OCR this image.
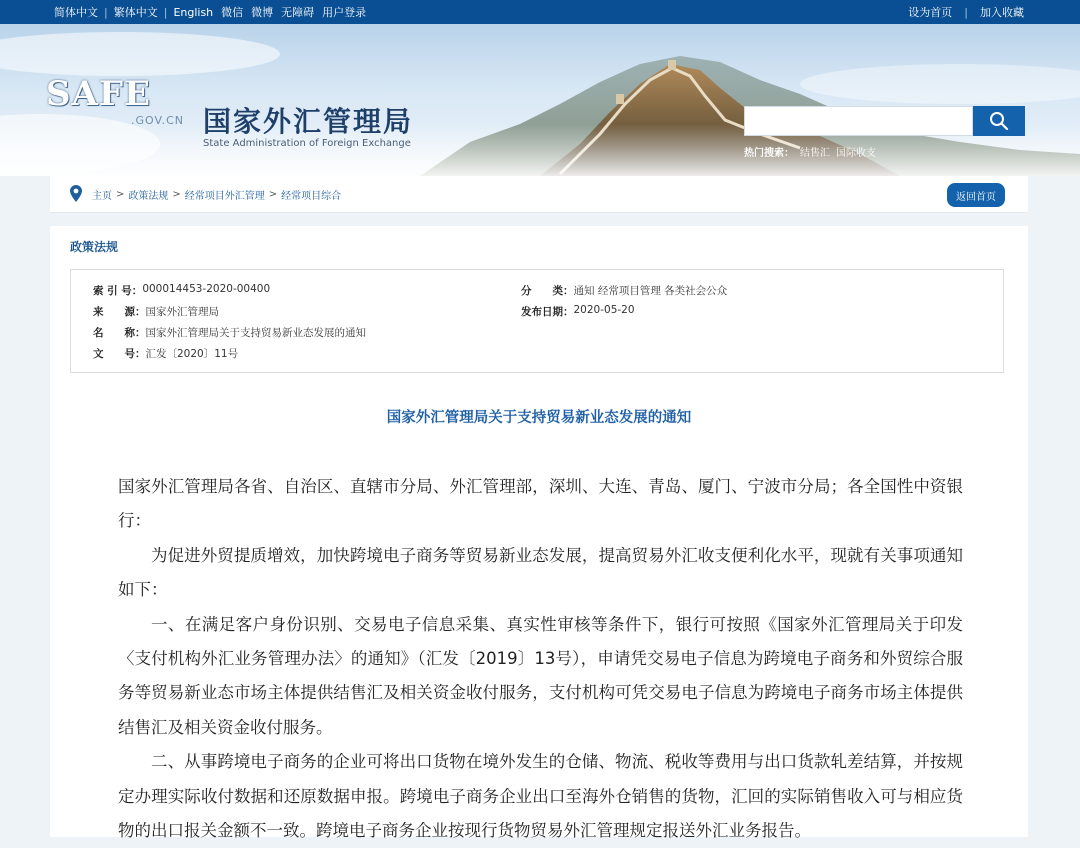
简体中文 | 繁体中文 | English 微信 微博 无障碍 用户登录	设为首页 | 加入收藏
SAFE
.GOV.CN 国家外汇管理局
State Administration of Foreign Exchange
热门搜索： 结售汇 国际收支
主页 > 政策法规 > 经常项目外汇管理 > 经常项目综合	返回首页
政策法规
索 引 号： 000014453-2020-00400	分　　类： 通知 经常项目管理 各类社会公众
来　　源： 国家外汇管理局	发布日期： 2020-05-20
名　　称： 国家外汇管理局关于支持贸易新业态发展的通知
文　　号： 汇发〔2020〕11号
国家外汇管理局关于支持贸易新业态发展的通知

国家外汇管理局各省、自治区、直辖市分局、外汇管理部，深圳、大连、青岛、厦门、宁波市分局；各全国性中资银行：

为促进外贸提质增效，加快跨境电子商务等贸易新业态发展，提高贸易外汇收支便利化水平，现就有关事项通知如下：

一、在满足客户身份识别、交易电子信息采集、真实性审核等条件下，银行可按照《国家外汇管理局关于印发〈支付机构外汇业务管理办法〉的通知》（汇发〔2019〕13号），申请凭交易电子信息为跨境电子商务和外贸综合服务等贸易新业态市场主体提供结售汇及相关资金收付服务，支付机构可凭交易电子信息为跨境电子商务市场主体提供结售汇及相关资金收付服务。

二、从事跨境电子商务的企业可将出口货物在境外发生的仓储、物流、税收等费用与出口货款轧差结算，并按规定办理实际收付数据和还原数据申报。跨境电子商务企业出口至海外仓销售的货物，汇回的实际销售收入可与相应货物的出口报关金额不一致。跨境电子商务企业按现行货物贸易外汇管理规定报送外汇业务报告。
